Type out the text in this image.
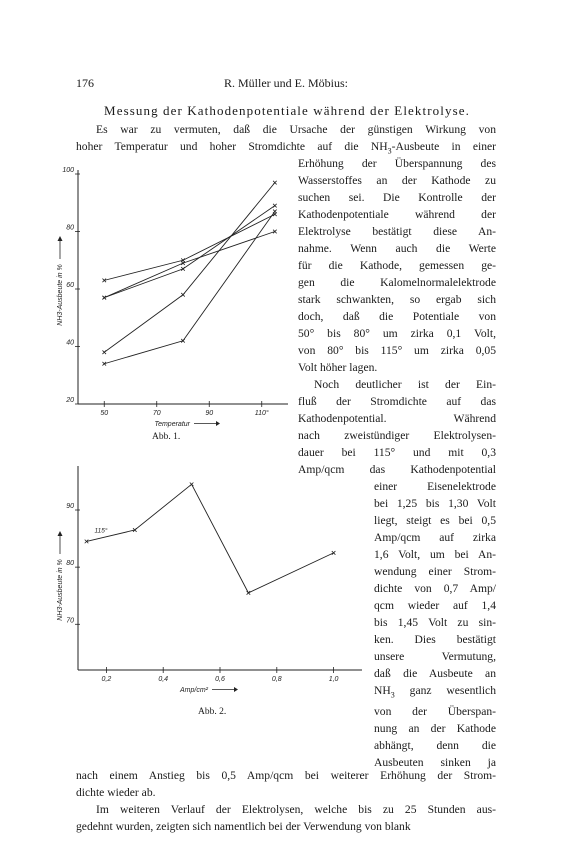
176	R. Müller und E. Möbius:
Messung der Kathodenpotentiale während der Elektrolyse.
Es war zu vermuten, daß die Ursache der günstigen Wirkung von
hoher Temperatur und hoher Stromdichte auf die $NH_3$-Ausbeute in einer
Erhöhung der Überspannung des
Wasserstoffes an der Kathode zu
suchen sei. Die Kontrolle der
Kathodenpotentiale während der
Elektrolyse bestätigt diese An-
nahme. Wenn auch die Werte
für die Kathode, gemessen ge-
gen die Kalomelnormalelektrode
stark schwankten, so ergab sich
doch, daß die Potentiale von
50° bis 80° um zirka 0,1 Volt,
von 80° bis 115° um zirka 0,05
Volt höher lagen.
Noch deutlicher ist der Ein-
fluß der Stromdichte auf das
Kathodenpotential. Während
nach zweistündiger Elektrolysen-
dauer bei 115° und mit 0,3
Amp/qcm das Kathodenpotential
einer Eisenelektrode
bei 1,25 bis 1,30 Volt
liegt, steigt es bei 0,5
Amp/qcm auf zirka
1,6 Volt, um bei An-
wendung einer Strom-
dichte von 0,7 Amp/
qcm wieder auf 1,4
bis 1,45 Volt zu sin-
ken. Dies bestätigt
unsere Vermutung,
daß die Ausbeute an
$NH_3$ ganz wesentlich
von der Überspan-
nung an der Kathode
abhängt, denn die
Ausbeuten sinken ja
nach einem Anstieg bis 0,5 Amp/qcm bei weiterer Erhöhung der Strom-
dichte wieder ab.
Im weiteren Verlauf der Elektrolysen, welche bis zu 25 Stunden aus-
gedehnt wurden, zeigten sich namentlich bei der Verwendung von blank
20
40
60
80
100
50	70	90	110°
Temperatur
NH3-Ausbeute in %
Abb. 1.
70
80
90
0,2	0,4	0,6	0,8	1,0
Amp/cm²
NH3-Ausbeute in %
115°
Abb. 2.
